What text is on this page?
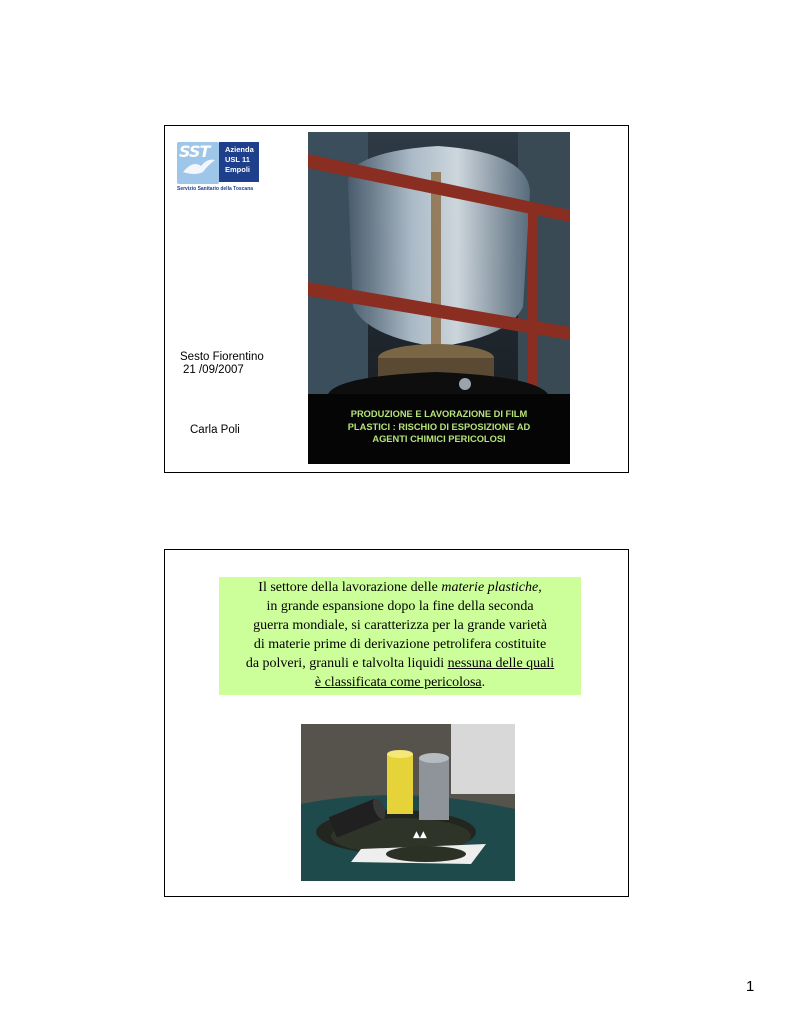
SST Azienda
USL 11
Empoli
Servizio Sanitario della Toscana
Sesto Fiorentino
21 /09/2007
Carla Poli
PRODUZIONE E LAVORAZIONE DI FILM
PLASTICI : RISCHIO DI ESPOSIZIONE AD
AGENTI CHIMICI PERICOLOSI
Il settore della lavorazione delle materie plastiche,
in grande espansione dopo la fine della seconda
guerra mondiale, si caratterizza per la grande varietà
di materie prime di derivazione petrolifera costituite
da polveri, granuli e talvolta liquidi nessuna delle quali
è classificata come pericolosa.
▲▲
1
